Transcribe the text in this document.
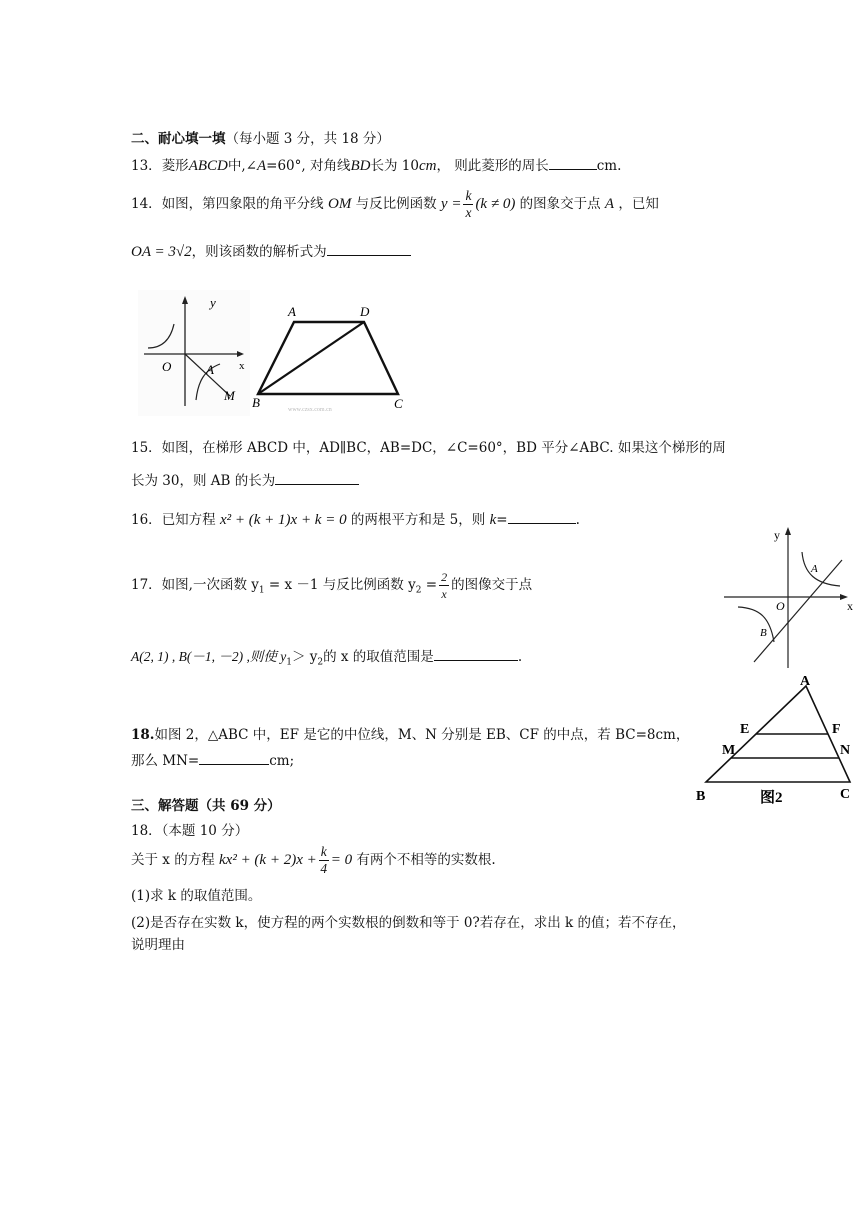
二、耐心填一填（每小题 3 分，共 18 分）
13．菱形ABCD中,∠A=60°, 对角线BD长为 10cm， 则此菱形的周长	cm.
14．如图，第四象限的角平分线 OM 与反比例函数 $y = \frac{k}{x} (k \ne 0)$ 的图象交于点 A ，已知
OA = 3√2，则该函数的解析式为
y
x
O	A
M
A	D
B	C
www.czsx.com.cn
15．如图，在梯形 ABCD 中，AD∥BC，AB=DC，∠C=60°，BD 平分∠ABC. 如果这个梯形的周
长为 30，则 AB 的长为
16．已知方程 x² + (k + 1)x + k = 0 的两根平方和是 5，则 k=	.
17．如图,一次函数 $y_1 = x -1$ 与反比例函数 $y_2 = \frac{2}{x}$ 的图像交于点
A(2, 1) , B(－1, －2) ,则使 $y_1> y_2$的 x 的取值范围是	.
y
x
O
A
B
A
E	F
M	N
B	C
图2
18.如图 2，△ABC 中，EF 是它的中位线，M、N 分别是 EB、CF 的中点，若 BC=8cm，
那么 MN=	cm;
三、解答题（共 69 分）
18．（本题 10 分）
关于 x 的方程 $kx^2 + (k + 2)x + \frac{k}{4} = 0$ 有两个不相等的实数根.
(1)求 k 的取值范围。
(2)是否存在实数 k，使方程的两个实数根的倒数和等于 0?若存在，求出 k 的值；若不存在，
说明理由
